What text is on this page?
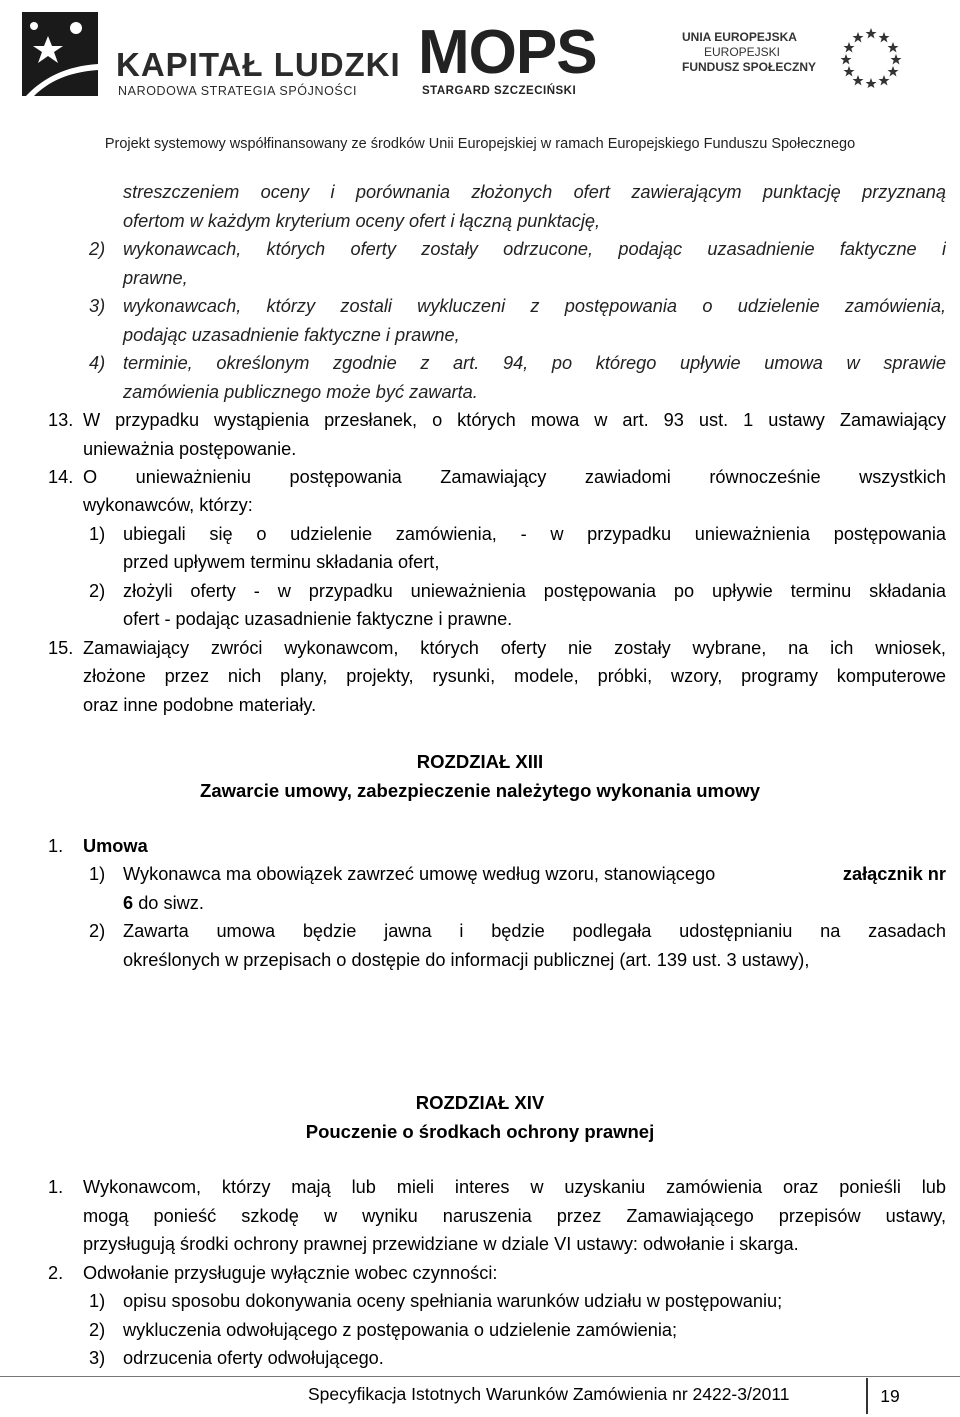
KAPITAŁ LUDZKI
NARODOWA STRATEGIA SPÓJNOŚCI
MOPS
STARGARD SZCZECIŃSKI
UNIA EUROPEJSKA
EUROPEJSKI
FUNDUSZ SPOŁECZNY
Projekt systemowy współfinansowany ze środków Unii Europejskiej w ramach Europejskiego Funduszu Społecznego
streszczeniem oceny i porównania złożonych ofert zawierającym punktację przyznaną
ofertom w każdym kryterium oceny ofert i łączną punktację,
2) wykonawcach, których oferty zostały odrzucone, podając uzasadnienie faktyczne i
prawne,
3) wykonawcach, którzy zostali wykluczeni z postępowania o udzielenie zamówienia,
podając uzasadnienie faktyczne i prawne,
4) terminie, określonym zgodnie z art. 94, po którego upływie umowa w sprawie
zamówienia publicznego może być zawarta.
13. W przypadku wystąpienia przesłanek, o których mowa w art. 93 ust. 1 ustawy Zamawiający
unieważnia postępowanie.
14. O unieważnieniu postępowania Zamawiający zawiadomi równocześnie wszystkich
wykonawców, którzy:
1) ubiegali się o udzielenie zamówienia, - w przypadku unieważnienia postępowania
przed upływem terminu składania ofert,
2) złożyli oferty - w przypadku unieważnienia postępowania po upływie terminu składania
ofert - podając uzasadnienie faktyczne i prawne.
15. Zamawiający zwróci wykonawcom, których oferty nie zostały wybrane, na ich wniosek,
złożone przez nich plany, projekty, rysunki, modele, próbki, wzory, programy komputerowe
oraz inne podobne materiały.
ROZDZIAŁ XIII
Zawarcie umowy, zabezpieczenie należytego wykonania umowy
1. Umowa
1) Wykonawca ma obowiązek zawrzeć umowę według wzoru, stanowiącego	załącznik nr
6 do siwz.
2) Zawarta umowa będzie jawna i będzie podlegała udostępnianiu na zasadach
określonych w przepisach o dostępie do informacji publicznej (art. 139 ust. 3 ustawy),
ROZDZIAŁ XIV
Pouczenie o środkach ochrony prawnej
1. Wykonawcom, którzy mają lub mieli interes w uzyskaniu zamówienia oraz ponieśli lub
mogą ponieść szkodę w wyniku naruszenia przez Zamawiającego przepisów ustawy,
przysługują środki ochrony prawnej przewidziane w dziale VI ustawy: odwołanie i skarga.
2. Odwołanie przysługuje wyłącznie wobec czynności:
1) opisu sposobu dokonywania oceny spełniania warunków udziału w postępowaniu;
2) wykluczenia odwołującego z postępowania o udzielenie zamówienia;
3) odrzucenia oferty odwołującego.
Specyfikacja Istotnych Warunków Zamówienia nr 2422-3/2011	19
